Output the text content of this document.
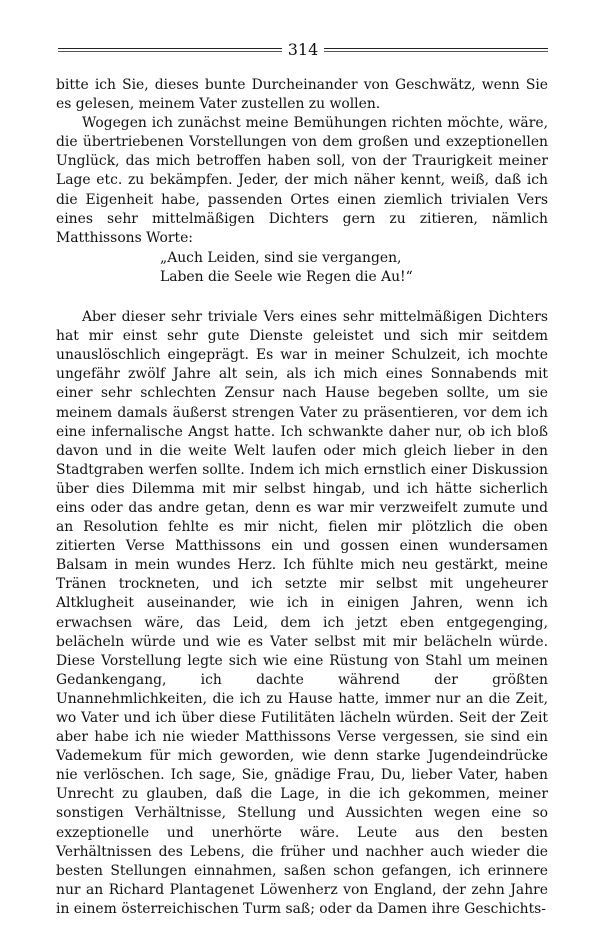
314

bitte ich Sie, dieses bunte Durcheinander von Geschwätz, wenn Sie es gelesen, meinem Vater zustellen zu wollen.

Wogegen ich zunächst meine Bemühungen richten möchte, wäre, die übertriebenen Vorstellungen von dem großen und exzeptionellen Unglück, das mich betroffen haben soll, von der Traurigkeit meiner Lage etc. zu bekämpfen. Jeder, der mich näher kennt, weiß, daß ich die Eigenheit habe, passenden Ortes einen ziemlich trivialen Vers eines sehr mittelmäßigen Dichters gern zu zitieren, nämlich Matthissons Worte:

„Auch Leiden, sind sie vergangen,
Laben die Seele wie Regen die Au!“

Aber dieser sehr triviale Vers eines sehr mittelmäßigen Dichters hat mir einst sehr gute Dienste geleistet und sich mir seitdem unauslöschlich eingeprägt. Es war in meiner Schulzeit, ich mochte ungefähr zwölf Jahre alt sein, als ich mich eines Sonnabends mit einer sehr schlechten Zensur nach Hause begeben sollte, um sie meinem damals äußerst strengen Vater zu präsentieren, vor dem ich eine infernalische Angst hatte. Ich schwankte daher nur, ob ich bloß davon und in die weite Welt laufen oder mich gleich lieber in den Stadtgraben werfen sollte. Indem ich mich ernstlich einer Diskussion über dies Dilemma mit mir selbst hingab, und ich hätte sicherlich eins oder das andre getan, denn es war mir verzweifelt zumute und an Resolution fehlte es mir nicht, fielen mir plötzlich die oben zitierten Verse Matthissons ein und gossen einen wundersamen Balsam in mein wundes Herz. Ich fühlte mich neu gestärkt, meine Tränen trockneten, und ich setzte mir selbst mit ungeheurer Altklugheit auseinander, wie ich in einigen Jahren, wenn ich erwachsen wäre, das Leid, dem ich jetzt eben entgegenging, belächeln würde und wie es Vater selbst mit mir belächeln würde. Diese Vorstellung legte sich wie eine Rüstung von Stahl um meinen Gedankengang, ich dachte während der größten Unannehmlichkeiten, die ich zu Hause hatte, immer nur an die Zeit, wo Vater und ich über diese Futilitäten lächeln würden. Seit der Zeit aber habe ich nie wieder Matthissons Verse vergessen, sie sind ein Vademekum für mich geworden, wie denn starke Jugendeindrücke nie verlöschen. Ich sage, Sie, gnädige Frau, Du, lieber Vater, haben Unrecht zu glauben, daß die Lage, in die ich gekommen, meiner sonstigen Verhältnisse, Stellung und Aussichten wegen eine so exzeptionelle und unerhörte wäre. Leute aus den besten Verhältnissen des Lebens, die früher und nachher auch wieder die besten Stellungen einnahmen, saßen schon gefangen, ich erinnere nur an Richard Plantagenet Löwenherz von England, der zehn Jahre in einem österreichischen Turm saß; oder da Damen ihre Geschichts-
